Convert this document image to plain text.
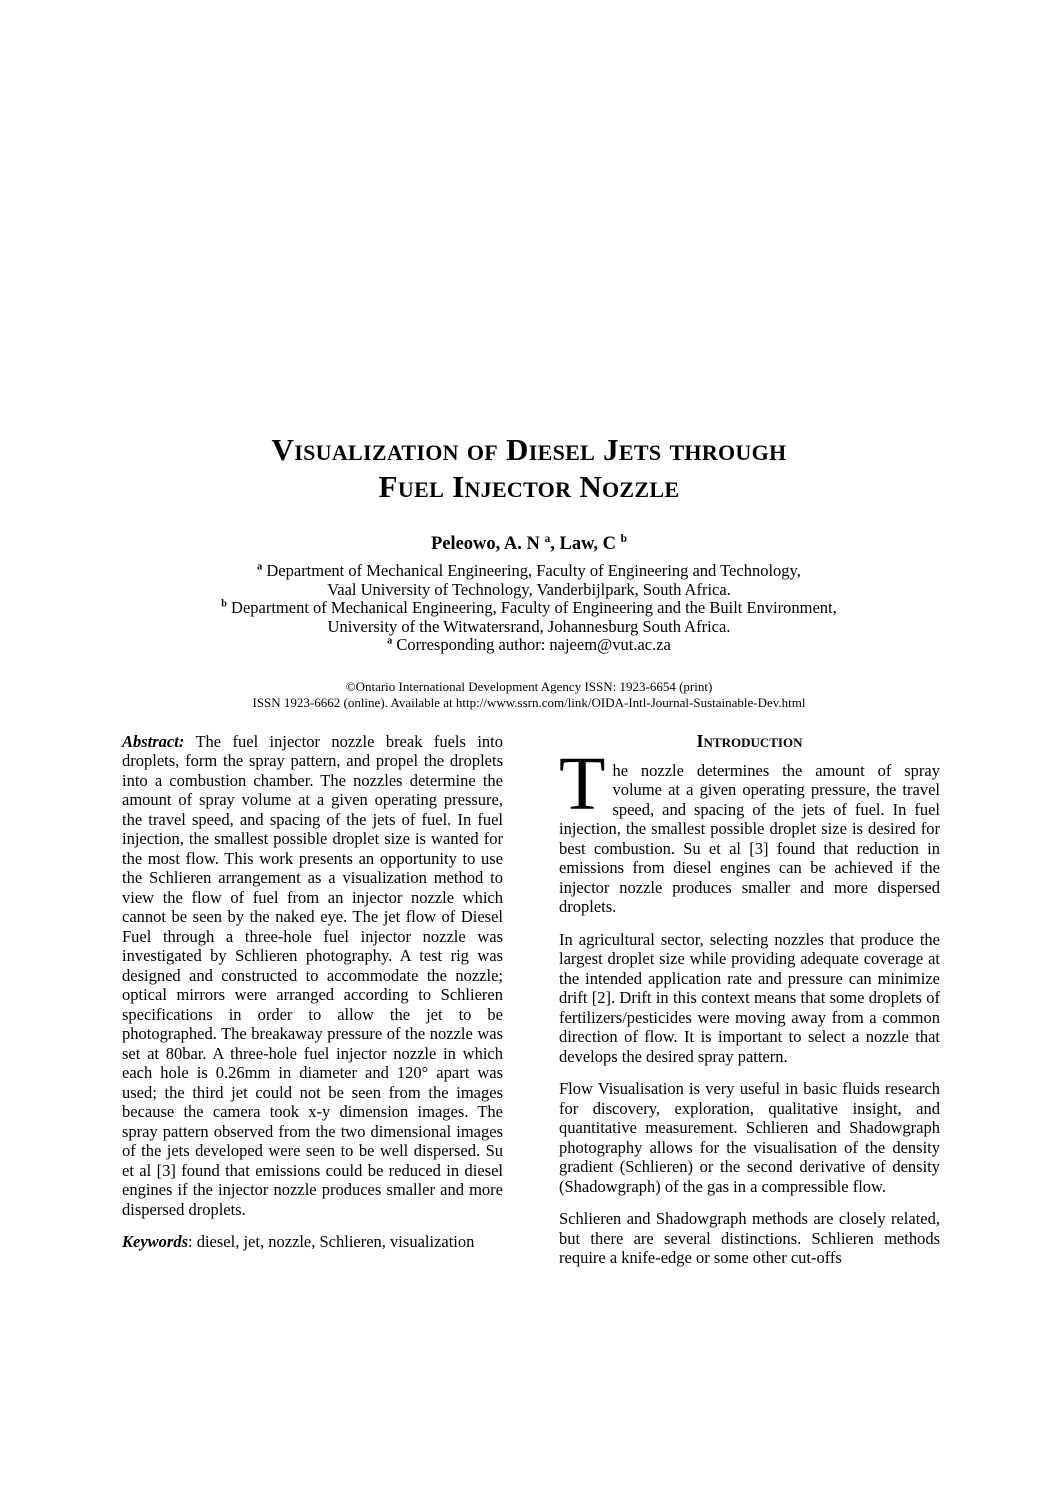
Visualization of Diesel Jets through
Fuel Injector Nozzle
Peleowo, A. N $^a$, Law, C $^b$
$^a$ Department of Mechanical Engineering, Faculty of Engineering and Technology,
Vaal University of Technology, Vanderbijlpark, South Africa.
$^b$ Department of Mechanical Engineering, Faculty of Engineering and the Built Environment,
University of the Witwatersrand, Johannesburg South Africa.
$^a$ Corresponding author: najeem@vut.ac.za
©Ontario International Development Agency ISSN: 1923-6654 (print)
ISSN 1923-6662 (online). Available at http://www.ssrn.com/link/OIDA-Intl-Journal-Sustainable-Dev.html

Abstract: The fuel injector nozzle break fuels into droplets, form the spray pattern, and propel the droplets into a combustion chamber. The nozzles determine the amount of spray volume at a given operating pressure, the travel speed, and spacing of the jets of fuel. In fuel injection, the smallest possible droplet size is wanted for the most flow. This work presents an opportunity to use the Schlieren arrangement as a visualization method to view the flow of fuel from an injector nozzle which cannot be seen by the naked eye. The jet flow of Diesel Fuel through a three-hole fuel injector nozzle was investigated by Schlieren photography. A test rig was designed and constructed to accommodate the nozzle; optical mirrors were arranged according to Schlieren specifications in order to allow the jet to be photographed. The breakaway pressure of the nozzle was set at 80bar. A three-hole fuel injector nozzle in which each hole is 0.26mm in diameter and 120° apart was used; the third jet could not be seen from the images because the camera took x-y dimension images. The spray pattern observed from the two dimensional images of the jets developed were seen to be well dispersed. Su et al [3] found that emissions could be reduced in diesel engines if the injector nozzle produces smaller and more dispersed droplets.

Keywords: diesel, jet, nozzle, Schlieren, visualization

Introduction

The nozzle determines the amount of spray volume at a given operating pressure, the travel speed, and spacing of the jets of fuel. In fuel injection, the smallest possible droplet size is desired for best combustion. Su et al [3] found that reduction in emissions from diesel engines can be achieved if the injector nozzle produces smaller and more dispersed droplets.

In agricultural sector, selecting nozzles that produce the largest droplet size while providing adequate coverage at the intended application rate and pressure can minimize drift [2]. Drift in this context means that some droplets of fertilizers/pesticides were moving away from a common direction of flow. It is important to select a nozzle that develops the desired spray pattern.

Flow Visualisation is very useful in basic fluids research for discovery, exploration, qualitative insight, and quantitative measurement. Schlieren and Shadowgraph photography allows for the visualisation of the density gradient (Schlieren) or the second derivative of density (Shadowgraph) of the gas in a compressible flow.

Schlieren and Shadowgraph methods are closely related, but there are several distinctions. Schlieren methods require a knife-edge or some other cut-offs
